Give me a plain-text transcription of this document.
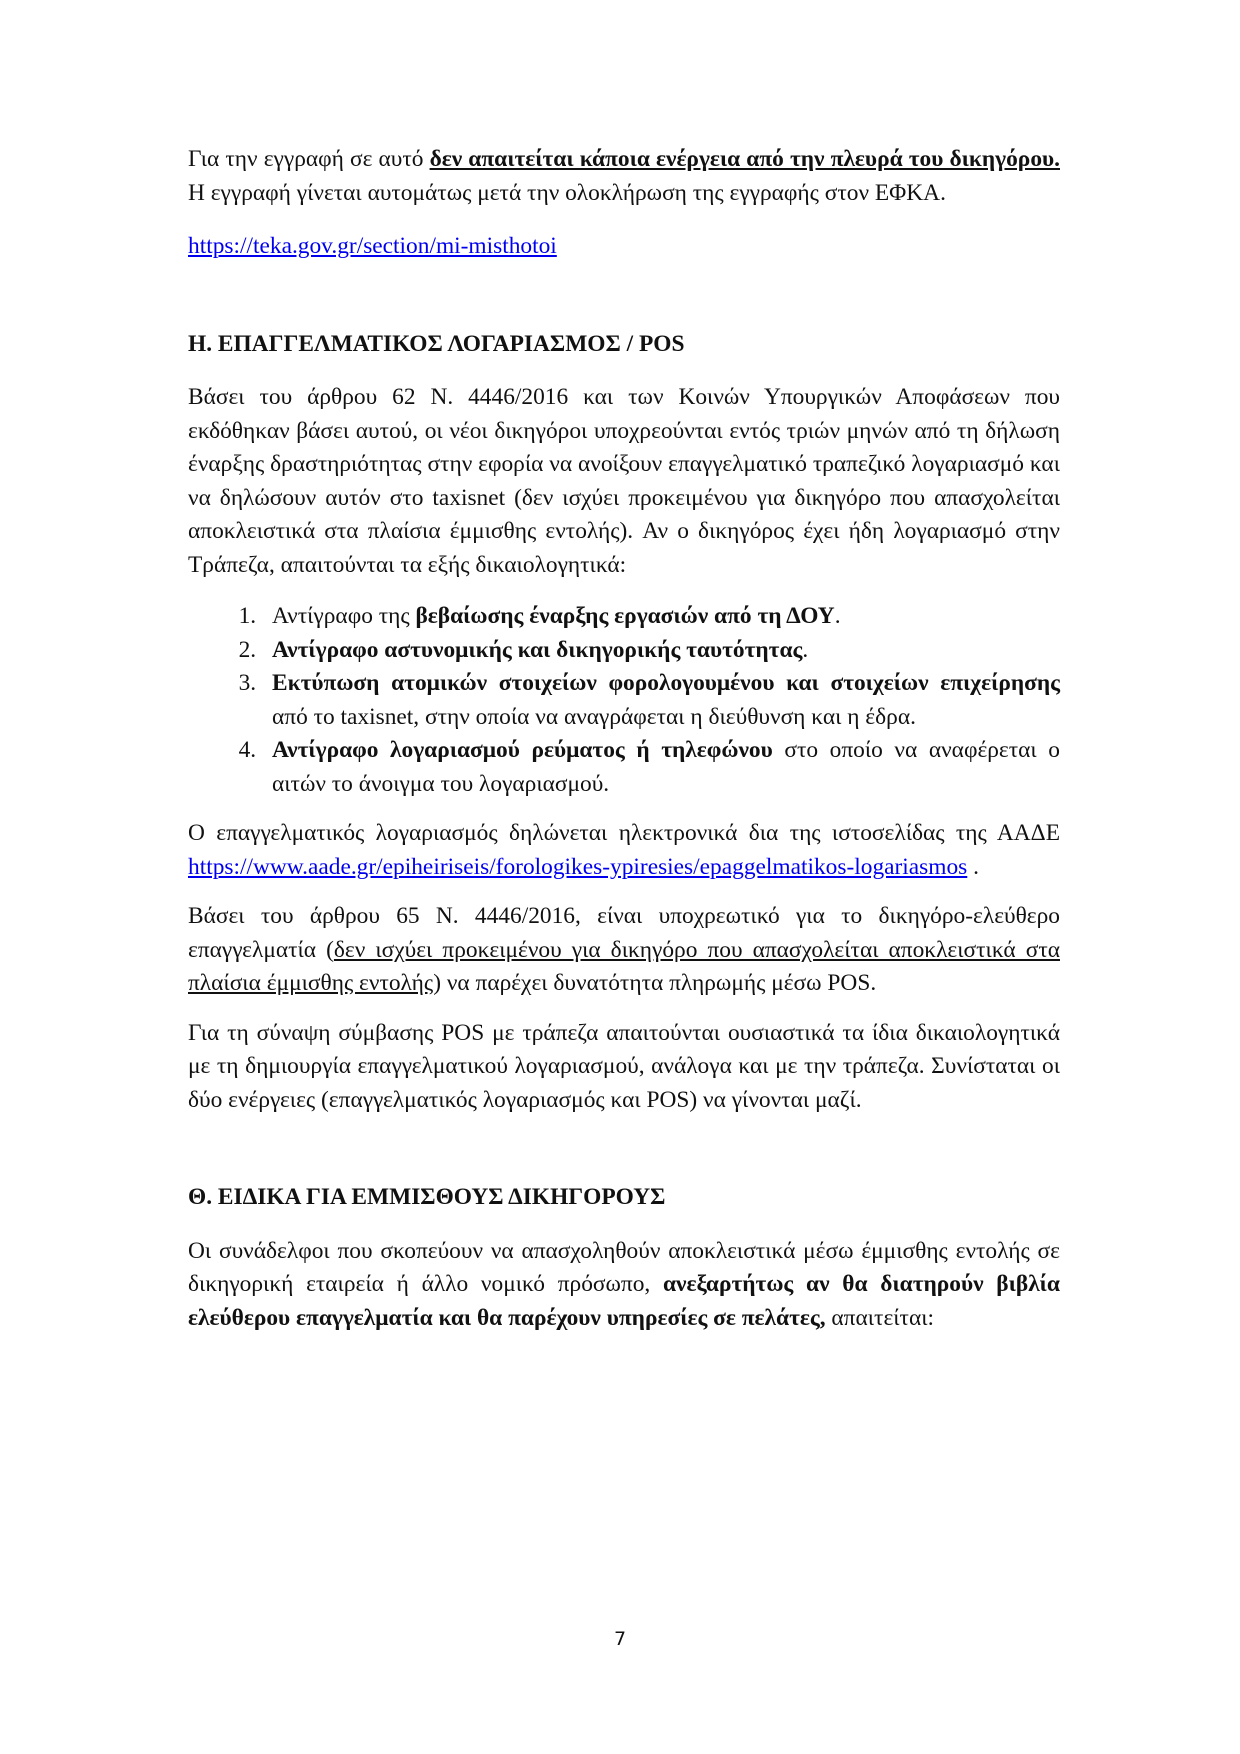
Για την εγγραφή σε αυτό δεν απαιτείται κάποια ενέργεια από την πλευρά του δικηγόρου. Η εγγραφή γίνεται αυτομάτως μετά την ολοκλήρωση της εγγραφής στον ΕΦΚΑ.

https://teka.gov.gr/section/mi-misthotoi

Η. ΕΠΑΓΓΕΛΜΑΤΙΚΟΣ ΛΟΓΑΡΙΑΣΜΟΣ / POS

Βάσει του άρθρου 62 Ν. 4446/2016 και των Κοινών Υπουργικών Αποφάσεων που εκδόθηκαν βάσει αυτού, οι νέοι δικηγόροι υποχρεούνται εντός τριών μηνών από τη δήλωση έναρξης δραστηριότητας στην εφορία να ανοίξουν επαγγελματικό τραπεζικό λογαριασμό και να δηλώσουν αυτόν στο taxisnet (δεν ισχύει προκειμένου για δικηγόρο που απασχολείται αποκλειστικά στα πλαίσια έμμισθης εντολής). Αν ο δικηγόρος έχει ήδη λογαριασμό στην Τράπεζα, απαιτούνται τα εξής δικαιολογητικά:

1. Αντίγραφο της βεβαίωσης έναρξης εργασιών από τη ΔΟΥ.
2. Αντίγραφο αστυνομικής και δικηγορικής ταυτότητας.
3. Εκτύπωση ατομικών στοιχείων φορολογουμένου και στοιχείων επιχείρησης από το taxisnet, στην οποία να αναγράφεται η διεύθυνση και η έδρα.
4. Αντίγραφο λογαριασμού ρεύματος ή τηλεφώνου στο οποίο να αναφέρεται ο αιτών το άνοιγμα του λογαριασμού.

Ο επαγγελματικός λογαριασμός δηλώνεται ηλεκτρονικά δια της ιστοσελίδας της ΑΑΔΕ https://www.aade.gr/epiheiriseis/forologikes-ypiresies/epaggelmatikos-logariasmos .

Βάσει του άρθρου 65 Ν. 4446/2016, είναι υποχρεωτικό για το δικηγόρο-ελεύθερο επαγγελματία (δεν ισχύει προκειμένου για δικηγόρο που απασχολείται αποκλειστικά στα πλαίσια έμμισθης εντολής) να παρέχει δυνατότητα πληρωμής μέσω POS.

Για τη σύναψη σύμβασης POS με τράπεζα απαιτούνται ουσιαστικά τα ίδια δικαιολογητικά με τη δημιουργία επαγγελματικού λογαριασμού, ανάλογα και με την τράπεζα. Συνίσταται οι δύο ενέργειες (επαγγελματικός λογαριασμός και POS) να γίνονται μαζί.

Θ. ΕΙΔΙΚΑ ΓΙΑ ΕΜΜΙΣΘΟΥΣ ΔΙΚΗΓΟΡΟΥΣ

Οι συνάδελφοι που σκοπεύουν να απασχοληθούν αποκλειστικά μέσω έμμισθης εντολής σε δικηγορική εταιρεία ή άλλο νομικό πρόσωπο, ανεξαρτήτως αν θα διατηρούν βιβλία ελεύθερου επαγγελματία και θα παρέχουν υπηρεσίες σε πελάτες, απαιτείται:

7
